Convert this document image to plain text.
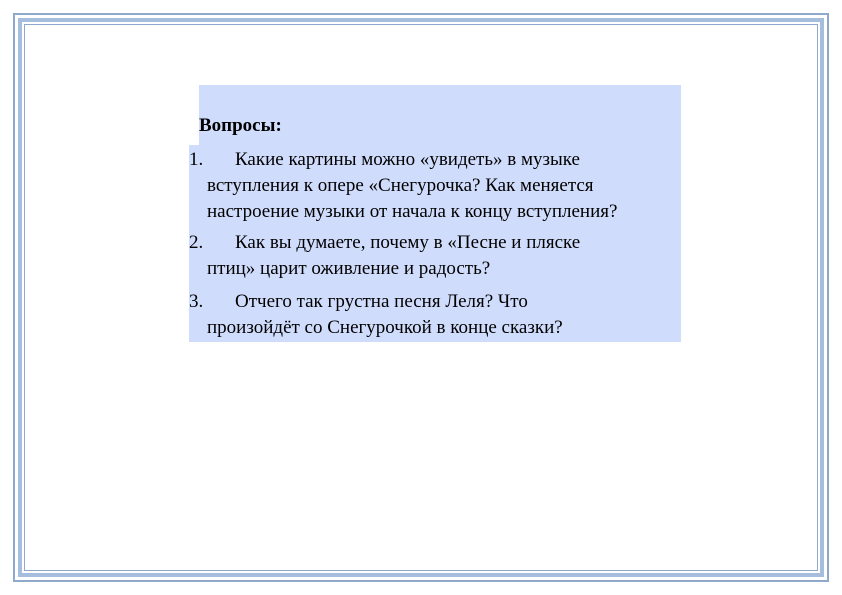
Вопросы:
1. Какие картины можно «увидеть» в музыке
вступления к опере «Снегурочка? Как меняется
настроение музыки от начала к концу вступления?
2. Как вы думаете, почему в «Песне и пляске
птиц» царит оживление и радость?
3. Отчего так грустна песня Леля? Что
произойдёт со Снегурочкой в конце сказки?
